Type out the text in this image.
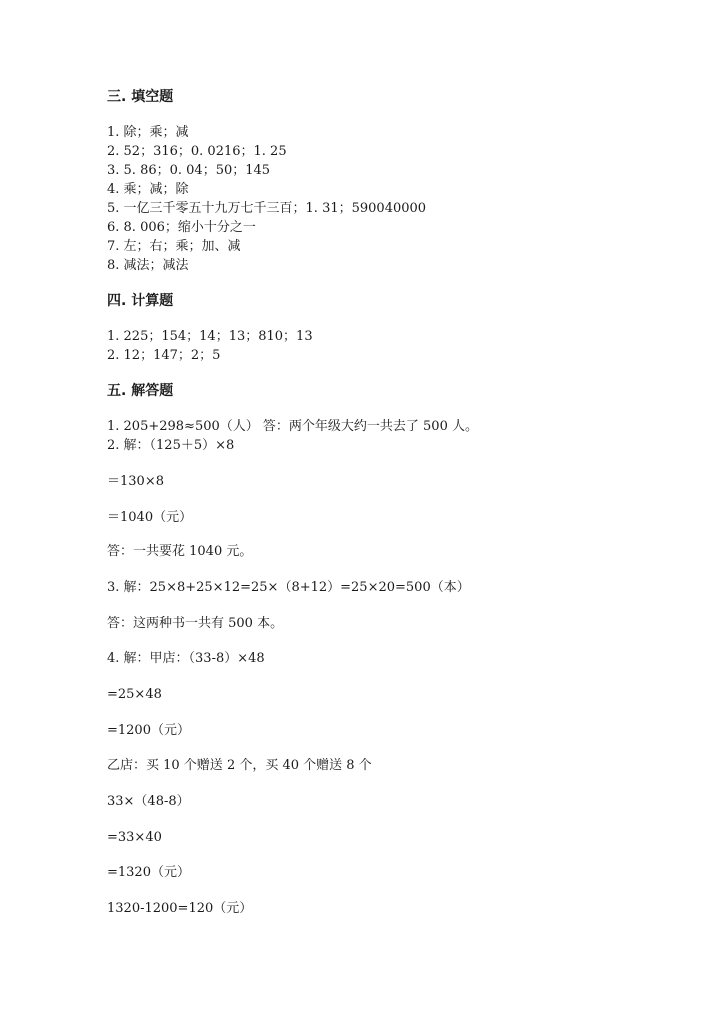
三. 填空题
1. 除；乘；减
2. 52；316；0. 0216；1. 25
3. 5. 86；0. 04；50；145
4. 乘；减；除
5. 一亿三千零五十九万七千三百；1. 31；590040000
6. 8. 006；缩小十分之一
7. 左；右；乘；加、减
8. 减法；减法
四. 计算题
1. 225；154；14；13；810；13
2. 12；147；2；5
五. 解答题
1. 205+298≈500（人） 答：两个年级大约一共去了 500 人。
2. 解：（125＋5）×8
＝130×8
＝1040（元）
答：一共要花 1040 元。
3. 解：25×8+25×12=25×（8+12）=25×20=500（本）
答：这两种书一共有 500 本。
4. 解：甲店：（33-8）×48
=25×48
=1200（元）
乙店：买 10 个赠送 2 个，买 40 个赠送 8 个
33×（48-8）
=33×40
=1320（元）
1320-1200=120（元）
